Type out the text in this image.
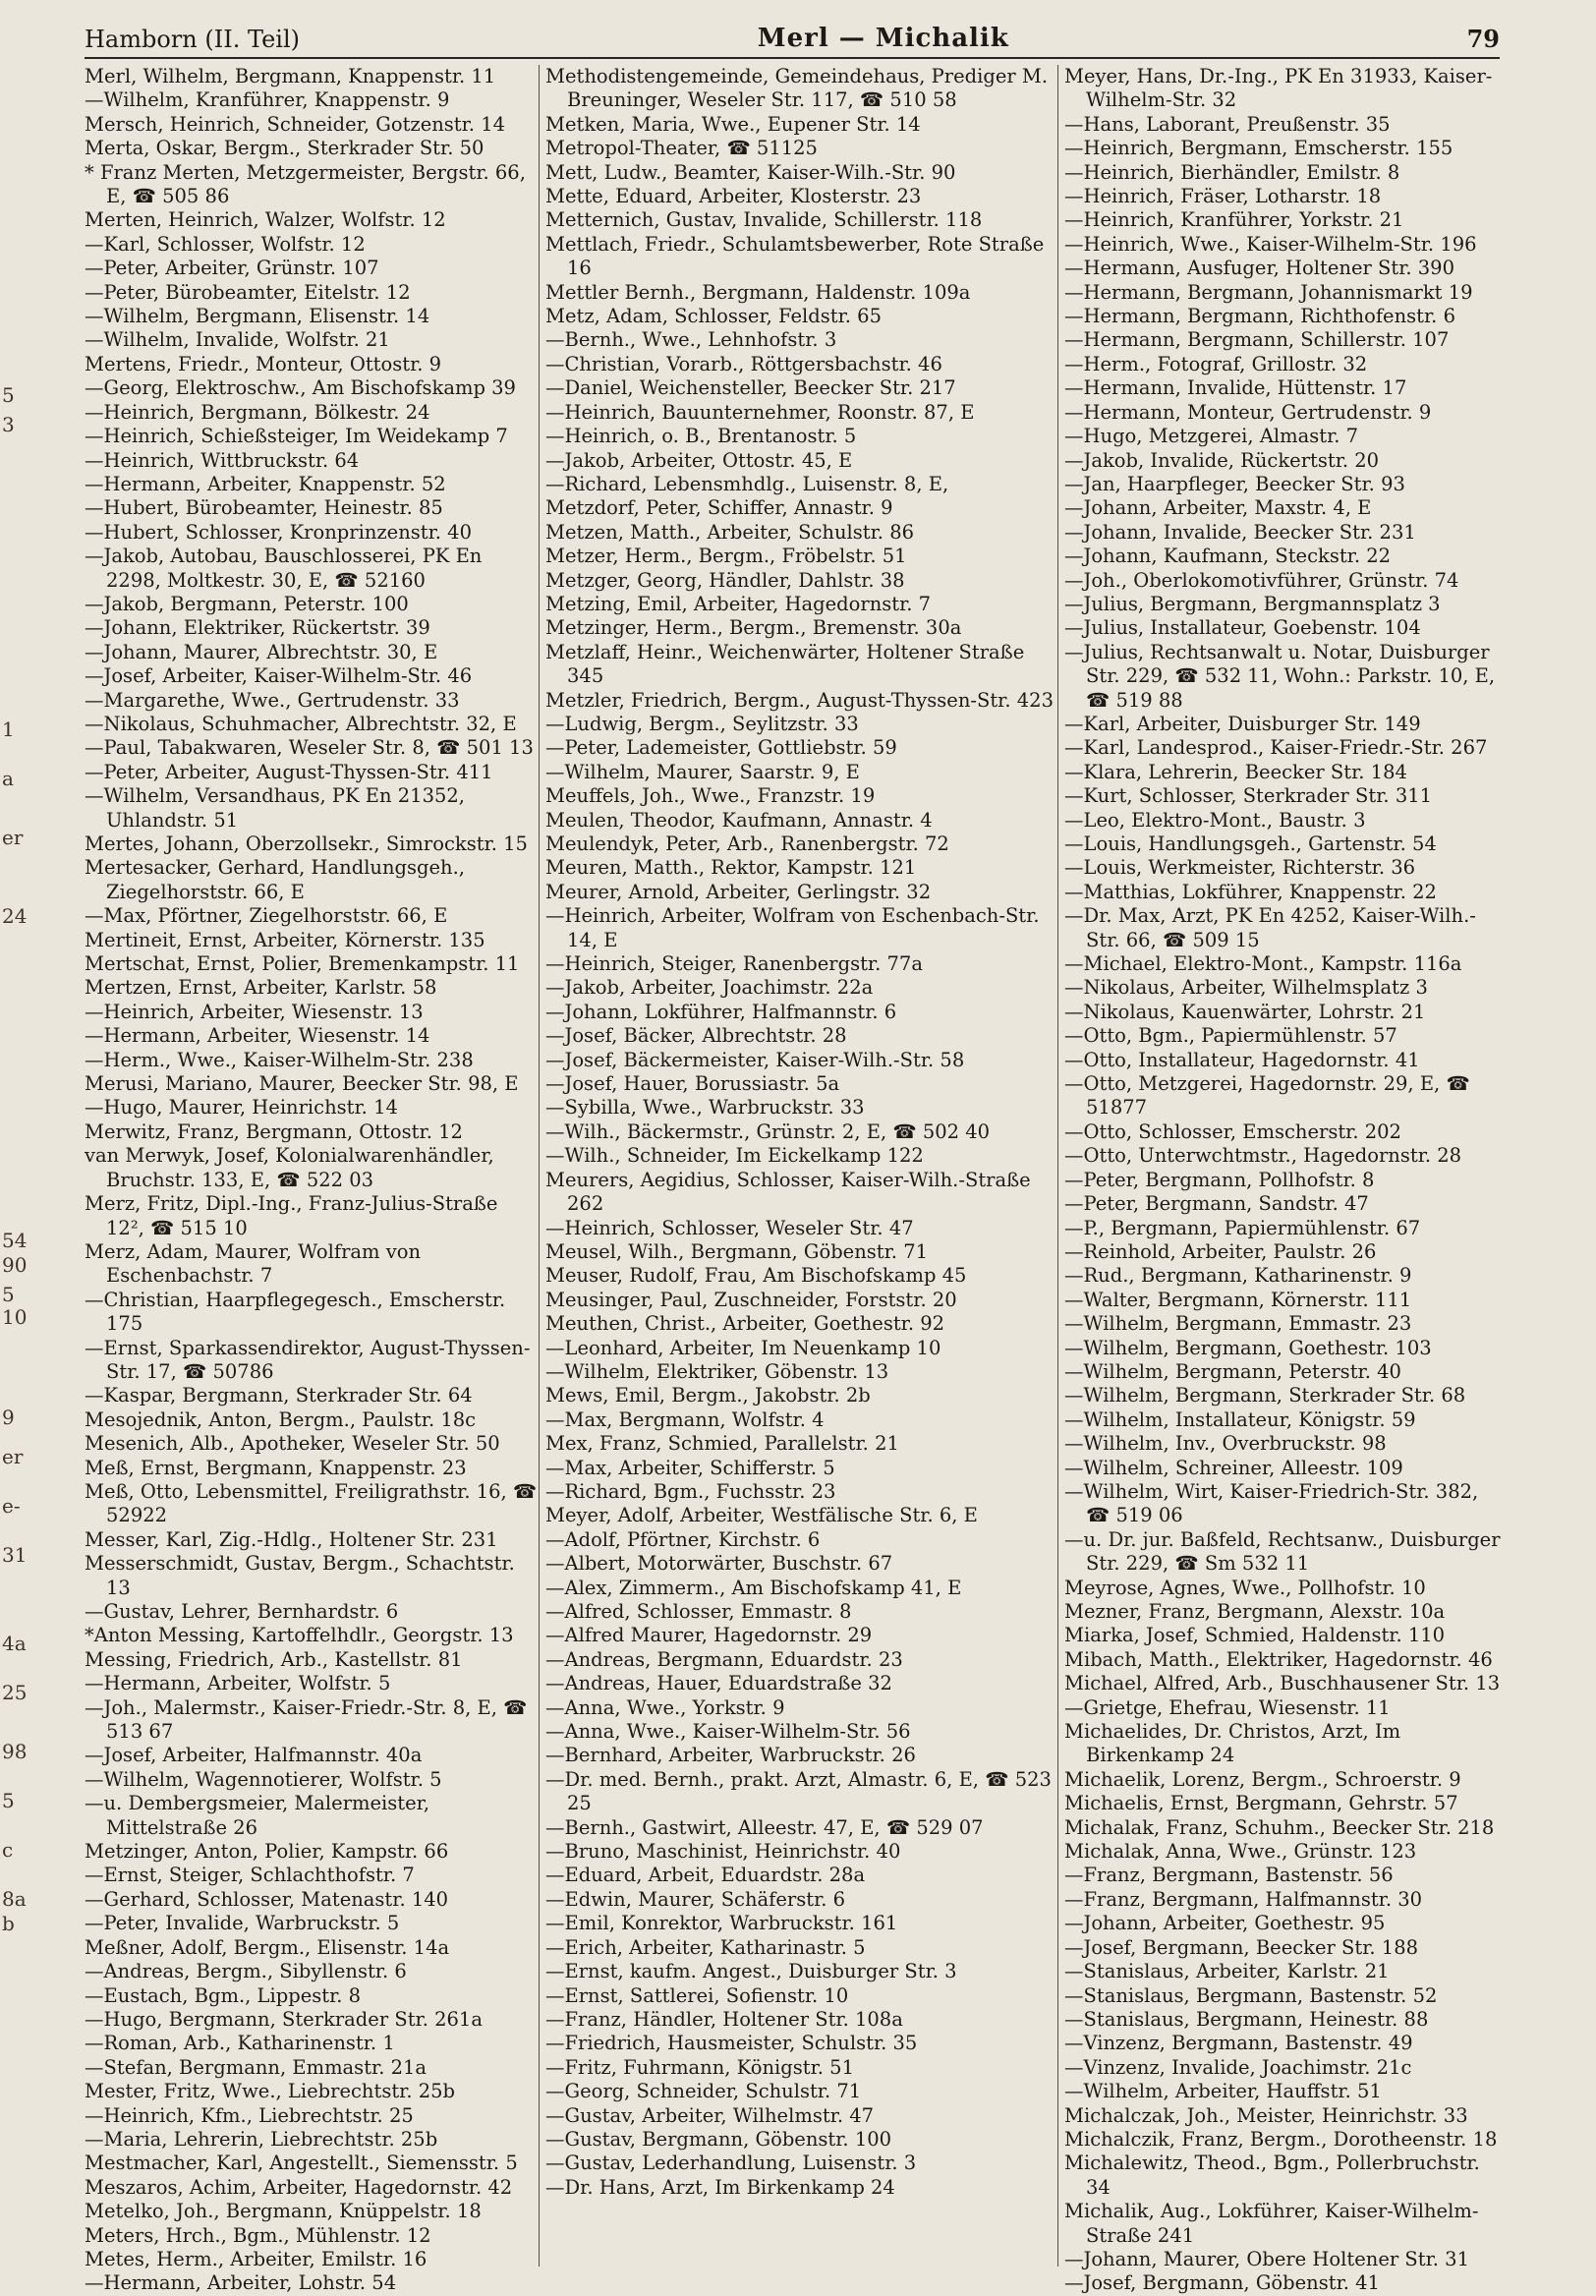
5
3
1
a
er
24
54
90
5
10
9
er
e-
31
4a
25
98
5
c
8a
b
Hamborn (II. Teil)	Merl — Michalik	79
Merl, Wilhelm, Bergmann, Knappenstr. 11
—Wilhelm, Kranführer, Knappenstr. 9
Mersch, Heinrich, Schneider, Gotzenstr. 14
Merta, Oskar, Bergm., Sterkrader Str. 50
* Franz Merten, Metzgermeister, Bergstr. 66, E, ☎ 505 86
Merten, Heinrich, Walzer, Wolfstr. 12
—Karl, Schlosser, Wolfstr. 12
—Peter, Arbeiter, Grünstr. 107
—Peter, Bürobeamter, Eitelstr. 12
—Wilhelm, Bergmann, Elisenstr. 14
—Wilhelm, Invalide, Wolfstr. 21
Mertens, Friedr., Monteur, Ottostr. 9
—Georg, Elektroschw., Am Bischofskamp 39
—Heinrich, Bergmann, Bölkestr. 24
—Heinrich, Schießsteiger, Im Weidekamp 7
—Heinrich, Wittbruckstr. 64
—Hermann, Arbeiter, Knappenstr. 52
—Hubert, Bürobeamter, Heinestr. 85
—Hubert, Schlosser, Kronprinzenstr. 40
—Jakob, Autobau, Bauschlosserei, PK En 2298, Moltkestr. 30, E, ☎ 52160
—Jakob, Bergmann, Peterstr. 100
—Johann, Elektriker, Rückertstr. 39
—Johann, Maurer, Albrechtstr. 30, E
—Josef, Arbeiter, Kaiser-Wilhelm-Str. 46
—Margarethe, Wwe., Gertrudenstr. 33
—Nikolaus, Schuhmacher, Albrechtstr. 32, E
—Paul, Tabakwaren, Weseler Str. 8, ☎ 501 13
—Peter, Arbeiter, August-Thyssen-Str. 411
—Wilhelm, Versandhaus, PK En 21352, Uhlandstr. 51
Mertes, Johann, Oberzollsekr., Simrockstr. 15
Mertesacker, Gerhard, Handlungsgeh., Ziegelhorststr. 66, E
—Max, Pförtner, Ziegelhorststr. 66, E
Mertineit, Ernst, Arbeiter, Körnerstr. 135
Mertschat, Ernst, Polier, Bremenkampstr. 11
Mertzen, Ernst, Arbeiter, Karlstr. 58
—Heinrich, Arbeiter, Wiesenstr. 13
—Hermann, Arbeiter, Wiesenstr. 14
—Herm., Wwe., Kaiser-Wilhelm-Str. 238
Merusi, Mariano, Maurer, Beecker Str. 98, E
—Hugo, Maurer, Heinrichstr. 14
Merwitz, Franz, Bergmann, Ottostr. 12
van Merwyk, Josef, Kolonialwarenhändler, Bruchstr. 133, E, ☎ 522 03
Merz, Fritz, Dipl.-Ing., Franz-Julius-Straße 12², ☎ 515 10
Merz, Adam, Maurer, Wolfram von Eschenbachstr. 7
—Christian, Haarpflegegesch., Emscherstr. 175
—Ernst, Sparkassendirektor, August-Thyssen-Str. 17, ☎ 50786
—Kaspar, Bergmann, Sterkrader Str. 64
Mesojednik, Anton, Bergm., Paulstr. 18c
Mesenich, Alb., Apotheker, Weseler Str. 50
Meß, Ernst, Bergmann, Knappenstr. 23
Meß, Otto, Lebensmittel, Freiligrathstr. 16, ☎ 52922
Messer, Karl, Zig.-Hdlg., Holtener Str. 231
Messerschmidt, Gustav, Bergm., Schachtstr. 13
—Gustav, Lehrer, Bernhardstr. 6
*Anton Messing, Kartoffelhdlr., Georgstr. 13
Messing, Friedrich, Arb., Kastellstr. 81
—Hermann, Arbeiter, Wolfstr. 5
—Joh., Malermstr., Kaiser-Friedr.-Str. 8, E, ☎ 513 67
—Josef, Arbeiter, Halfmannstr. 40a
—Wilhelm, Wagennotierer, Wolfstr. 5
—u. Dembergsmeier, Malermeister, Mittelstraße 26
Metzinger, Anton, Polier, Kampstr. 66
—Ernst, Steiger, Schlachthofstr. 7
—Gerhard, Schlosser, Matenastr. 140
—Peter, Invalide, Warbruckstr. 5
Meßner, Adolf, Bergm., Elisenstr. 14a
—Andreas, Bergm., Sibyllenstr. 6
—Eustach, Bgm., Lippestr. 8
—Hugo, Bergmann, Sterkrader Str. 261a
—Roman, Arb., Katharinenstr. 1
—Stefan, Bergmann, Emmastr. 21a
Mester, Fritz, Wwe., Liebrechtstr. 25b
—Heinrich, Kfm., Liebrechtstr. 25
—Maria, Lehrerin, Liebrechtstr. 25b
Mestmacher, Karl, Angestellt., Siemensstr. 5
Meszaros, Achim, Arbeiter, Hagedornstr. 42
Metelko, Joh., Bergmann, Knüppelstr. 18
Meters, Hrch., Bgm., Mühlenstr. 12
Metes, Herm., Arbeiter, Emilstr. 16
—Hermann, Arbeiter, Lohstr. 54
Methodistengemeinde, Gemeindehaus, Prediger M. Breuninger, Weseler Str. 117, ☎ 510 58
Metken, Maria, Wwe., Eupener Str. 14
Metropol-Theater, ☎ 51125
Mett, Ludw., Beamter, Kaiser-Wilh.-Str. 90
Mette, Eduard, Arbeiter, Klosterstr. 23
Metternich, Gustav, Invalide, Schillerstr. 118
Mettlach, Friedr., Schulamtsbewerber, Rote Straße 16
Mettler Bernh., Bergmann, Haldenstr. 109a
Metz, Adam, Schlosser, Feldstr. 65
—Bernh., Wwe., Lehnhofstr. 3
—Christian, Vorarb., Röttgersbachstr. 46
—Daniel, Weichensteller, Beecker Str. 217
—Heinrich, Bauunternehmer, Roonstr. 87, E
—Heinrich, o. B., Brentanostr. 5
—Jakob, Arbeiter, Ottostr. 45, E
—Richard, Lebensmhdlg., Luisenstr. 8, E,
Metzdorf, Peter, Schiffer, Annastr. 9
Metzen, Matth., Arbeiter, Schulstr. 86
Metzer, Herm., Bergm., Fröbelstr. 51
Metzger, Georg, Händler, Dahlstr. 38
Metzing, Emil, Arbeiter, Hagedornstr. 7
Metzinger, Herm., Bergm., Bremenstr. 30a
Metzlaff, Heinr., Weichenwärter, Holtener Straße 345
Metzler, Friedrich, Bergm., August-Thyssen-Str. 423
—Ludwig, Bergm., Seylitzstr. 33
—Peter, Lademeister, Gottliebstr. 59
—Wilhelm, Maurer, Saarstr. 9, E
Meuffels, Joh., Wwe., Franzstr. 19
Meulen, Theodor, Kaufmann, Annastr. 4
Meulendyk, Peter, Arb., Ranenbergstr. 72
Meuren, Matth., Rektor, Kampstr. 121
Meurer, Arnold, Arbeiter, Gerlingstr. 32
—Heinrich, Arbeiter, Wolfram von Eschenbach-Str. 14, E
—Heinrich, Steiger, Ranenbergstr. 77a
—Jakob, Arbeiter, Joachimstr. 22a
—Johann, Lokführer, Halfmannstr. 6
—Josef, Bäcker, Albrechtstr. 28
—Josef, Bäckermeister, Kaiser-Wilh.-Str. 58
—Josef, Hauer, Borussiastr. 5a
—Sybilla, Wwe., Warbruckstr. 33
—Wilh., Bäckermstr., Grünstr. 2, E, ☎ 502 40
—Wilh., Schneider, Im Eickelkamp 122
Meurers, Aegidius, Schlosser, Kaiser-Wilh.-Straße 262
—Heinrich, Schlosser, Weseler Str. 47
Meusel, Wilh., Bergmann, Göbenstr. 71
Meuser, Rudolf, Frau, Am Bischofskamp 45
Meusinger, Paul, Zuschneider, Forststr. 20
Meuthen, Christ., Arbeiter, Goethestr. 92
—Leonhard, Arbeiter, Im Neuenkamp 10
—Wilhelm, Elektriker, Göbenstr. 13
Mews, Emil, Bergm., Jakobstr. 2b
—Max, Bergmann, Wolfstr. 4
Mex, Franz, Schmied, Parallelstr. 21
—Max, Arbeiter, Schifferstr. 5
—Richard, Bgm., Fuchsstr. 23
Meyer, Adolf, Arbeiter, Westfälische Str. 6, E
—Adolf, Pförtner, Kirchstr. 6
—Albert, Motorwärter, Buschstr. 67
—Alex, Zimmerm., Am Bischofskamp 41, E
—Alfred, Schlosser, Emmastr. 8
—Alfred Maurer, Hagedornstr. 29
—Andreas, Bergmann, Eduardstr. 23
—Andreas, Hauer, Eduardstraße 32
—Anna, Wwe., Yorkstr. 9
—Anna, Wwe., Kaiser-Wilhelm-Str. 56
—Bernhard, Arbeiter, Warbruckstr. 26
—Dr. med. Bernh., prakt. Arzt, Almastr. 6, E, ☎ 523 25
—Bernh., Gastwirt, Alleestr. 47, E, ☎ 529 07
—Bruno, Maschinist, Heinrichstr. 40
—Eduard, Arbeit, Eduardstr. 28a
—Edwin, Maurer, Schäferstr. 6
—Emil, Konrektor, Warbruckstr. 161
—Erich, Arbeiter, Katharinastr. 5
—Ernst, kaufm. Angest., Duisburger Str. 3
—Ernst, Sattlerei, Sofienstr. 10
—Franz, Händler, Holtener Str. 108a
—Friedrich, Hausmeister, Schulstr. 35
—Fritz, Fuhrmann, Königstr. 51
—Georg, Schneider, Schulstr. 71
—Gustav, Arbeiter, Wilhelmstr. 47
—Gustav, Bergmann, Göbenstr. 100
—Gustav, Lederhandlung, Luisenstr. 3
—Dr. Hans, Arzt, Im Birkenkamp 24
Meyer, Hans, Dr.-Ing., PK En 31933, Kaiser-Wilhelm-Str. 32
—Hans, Laborant, Preußenstr. 35
—Heinrich, Bergmann, Emscherstr. 155
—Heinrich, Bierhändler, Emilstr. 8
—Heinrich, Fräser, Lotharstr. 18
—Heinrich, Kranführer, Yorkstr. 21
—Heinrich, Wwe., Kaiser-Wilhelm-Str. 196
—Hermann, Ausfuger, Holtener Str. 390
—Hermann, Bergmann, Johannismarkt 19
—Hermann, Bergmann, Richthofenstr. 6
—Hermann, Bergmann, Schillerstr. 107
—Herm., Fotograf, Grillostr. 32
—Hermann, Invalide, Hüttenstr. 17
—Hermann, Monteur, Gertrudenstr. 9
—Hugo, Metzgerei, Almastr. 7
—Jakob, Invalide, Rückertstr. 20
—Jan, Haarpfleger, Beecker Str. 93
—Johann, Arbeiter, Maxstr. 4, E
—Johann, Invalide, Beecker Str. 231
—Johann, Kaufmann, Steckstr. 22
—Joh., Oberlokomotivführer, Grünstr. 74
—Julius, Bergmann, Bergmannsplatz 3
—Julius, Installateur, Goebenstr. 104
—Julius, Rechtsanwalt u. Notar, Duisburger Str. 229, ☎ 532 11, Wohn.: Parkstr. 10, E, ☎ 519 88
—Karl, Arbeiter, Duisburger Str. 149
—Karl, Landesprod., Kaiser-Friedr.-Str. 267
—Klara, Lehrerin, Beecker Str. 184
—Kurt, Schlosser, Sterkrader Str. 311
—Leo, Elektro-Mont., Baustr. 3
—Louis, Handlungsgeh., Gartenstr. 54
—Louis, Werkmeister, Richterstr. 36
—Matthias, Lokführer, Knappenstr. 22
—Dr. Max, Arzt, PK En 4252, Kaiser-Wilh.-Str. 66, ☎ 509 15
—Michael, Elektro-Mont., Kampstr. 116a
—Nikolaus, Arbeiter, Wilhelmsplatz 3
—Nikolaus, Kauenwärter, Lohrstr. 21
—Otto, Bgm., Papiermühlenstr. 57
—Otto, Installateur, Hagedornstr. 41
—Otto, Metzgerei, Hagedornstr. 29, E, ☎ 51877
—Otto, Schlosser, Emscherstr. 202
—Otto, Unterwchtmstr., Hagedornstr. 28
—Peter, Bergmann, Pollhofstr. 8
—Peter, Bergmann, Sandstr. 47
—P., Bergmann, Papiermühlenstr. 67
—Reinhold, Arbeiter, Paulstr. 26
—Rud., Bergmann, Katharinenstr. 9
—Walter, Bergmann, Körnerstr. 111
—Wilhelm, Bergmann, Emmastr. 23
—Wilhelm, Bergmann, Goethestr. 103
—Wilhelm, Bergmann, Peterstr. 40
—Wilhelm, Bergmann, Sterkrader Str. 68
—Wilhelm, Installateur, Königstr. 59
—Wilhelm, Inv., Overbruckstr. 98
—Wilhelm, Schreiner, Alleestr. 109
—Wilhelm, Wirt, Kaiser-Friedrich-Str. 382, ☎ 519 06
—u. Dr. jur. Baßfeld, Rechtsanw., Duisburger Str. 229, ☎ Sm 532 11
Meyrose, Agnes, Wwe., Pollhofstr. 10
Mezner, Franz, Bergmann, Alexstr. 10a
Miarka, Josef, Schmied, Haldenstr. 110
Mibach, Matth., Elektriker, Hagedornstr. 46
Michael, Alfred, Arb., Buschhausener Str. 13
—Grietge, Ehefrau, Wiesenstr. 11
Michaelides, Dr. Christos, Arzt, Im Birkenkamp 24
Michaelik, Lorenz, Bergm., Schroerstr. 9
Michaelis, Ernst, Bergmann, Gehrstr. 57
Michalak, Franz, Schuhm., Beecker Str. 218
Michalak, Anna, Wwe., Grünstr. 123
—Franz, Bergmann, Bastenstr. 56
—Franz, Bergmann, Halfmannstr. 30
—Johann, Arbeiter, Goethestr. 95
—Josef, Bergmann, Beecker Str. 188
—Stanislaus, Arbeiter, Karlstr. 21
—Stanislaus, Bergmann, Bastenstr. 52
—Stanislaus, Bergmann, Heinestr. 88
—Vinzenz, Bergmann, Bastenstr. 49
—Vinzenz, Invalide, Joachimstr. 21c
—Wilhelm, Arbeiter, Hauffstr. 51
Michalczak, Joh., Meister, Heinrichstr. 33
Michalczik, Franz, Bergm., Dorotheenstr. 18
Michalewitz, Theod., Bgm., Pollerbruchstr. 34
Michalik, Aug., Lokführer, Kaiser-Wilhelm-Straße 241
—Johann, Maurer, Obere Holtener Str. 31
—Josef, Bergmann, Göbenstr. 41
